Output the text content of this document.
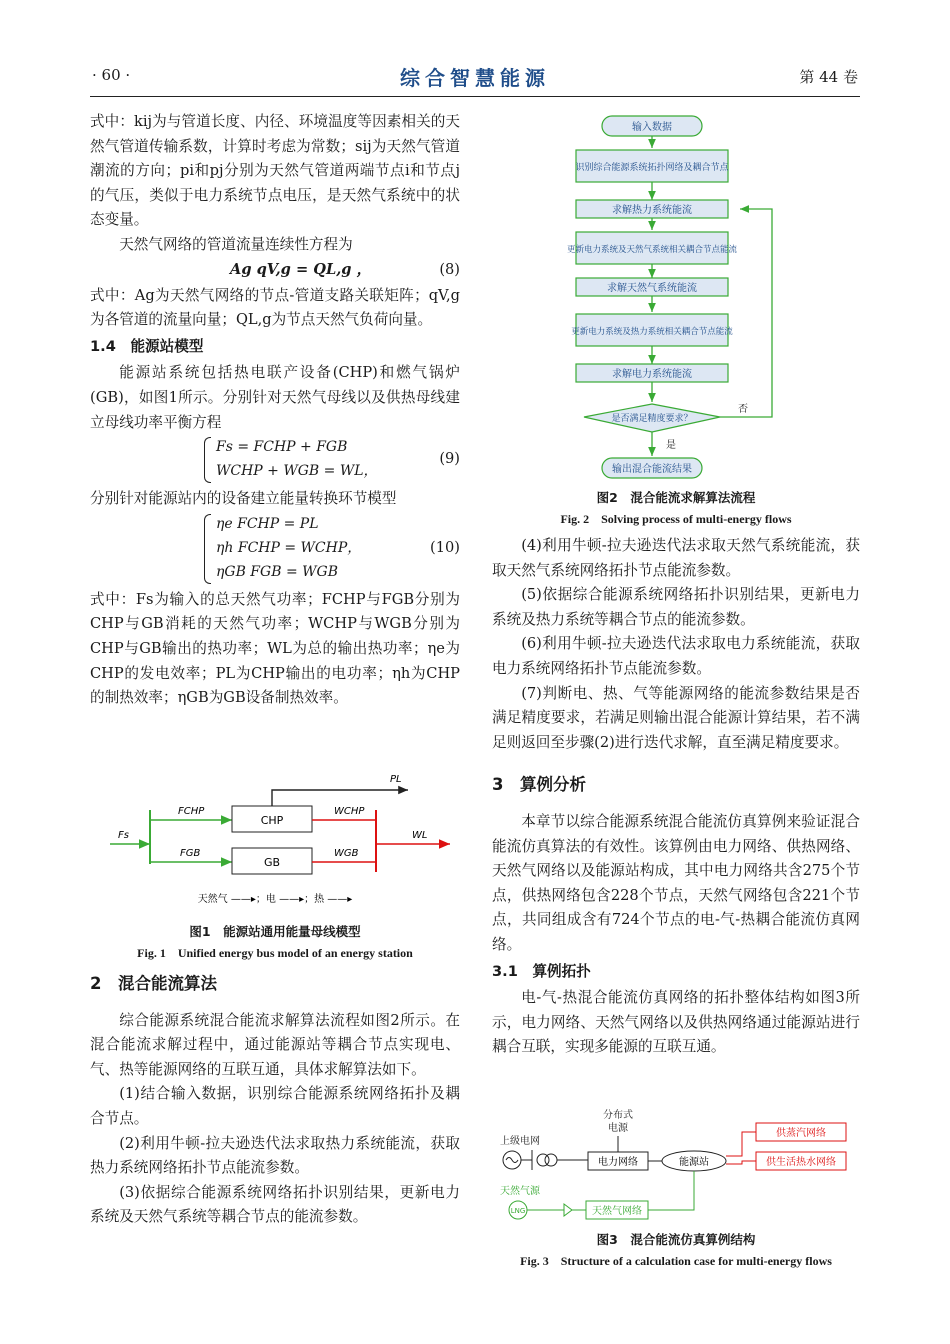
· 60 ·	综合智慧能源	第 44 卷

式中：kij为与管道长度、内径、环境温度等因素相关的天然气管道传输系数，计算时考虑为常数；sij为天然气管道潮流的方向；pi和pj分别为天然气管道两端节点i和节点j的气压，类似于电力系统节点电压，是天然气系统中的状态变量。

天然气网络的管道流量连续性方程为

Ag qV,g = QL,g ，	(8)

式中：Ag为天然气网络的节点-管道支路关联矩阵；qV,g为各管道的流量向量；QL,g为节点天然气负荷向量。

1.4　能源站模型

能源站系统包括热电联产设备(CHP)和燃气锅炉(GB)，如图1所示。分别针对天然气母线以及供热母线建立母线功率平衡方程

Fs = FCHP + FGB
WCHP + WGB = WL，
(9)

分别针对能源站内的设备建立能量转换环节模型

ηe FCHP = PL
ηh FCHP = WCHP，
ηGB FGB = WGB
(10)

式中：Fs为输入的总天然气功率；FCHP与FGB分别为CHP与GB消耗的天然气功率；WCHP与WGB分别为CHP与GB输出的热功率；WL为总的输出热功率；ηe为CHP的发电效率；PL为CHP输出的电功率；ηh为CHP的制热效率；ηGB为GB设备制热效率。

CHP
GB
PL
FCHP	WCHP
Fs	WL
FGB	WGB
天然气 ——▸；电 ——▸；热 ——▸
图1　能源站通用能量母线模型
Fig. 1　Unified energy bus model of an energy station
2　混合能流算法

综合能源系统混合能流求解算法流程如图2所示。在混合能流求解过程中，通过能源站等耦合节点实现电、气、热等能源网络的互联互通，具体求解算法如下。

(1)结合输入数据，识别综合能源系统网络拓扑及耦合节点。

(2)利用牛顿-拉夫逊迭代法求取热力系统能流，获取热力系统网络拓扑节点能流参数。

(3)依据综合能源系统网络拓扑识别结果，更新电力系统及天然气系统等耦合节点的能流参数。

输入数据
识别综合能源系统拓扑网络及耦合节点
求解热力系统能流
更新电力系统及天然气系统相关耦合节点能流
求解天然气系统能流
更新电力系统及热力系统相关耦合节点能流
求解电力系统能流
是否满足精度要求？
输出混合能流结果
否
是
图2　混合能流求解算法流程
Fig. 2　Solving process of multi-energy flows

(4)利用牛顿-拉夫逊迭代法求取天然气系统能流，获取天然气系统网络拓扑节点能流参数。

(5)依据综合能源系统网络拓扑识别结果，更新电力系统及热力系统等耦合节点的能流参数。

(6)利用牛顿-拉夫逊迭代法求取电力系统能流，获取电力系统网络拓扑节点能流参数。

(7)判断电、热、气等能源网络的能流参数结果是否满足精度要求，若满足则输出混合能源计算结果，若不满足则返回至步骤(2)进行迭代求解，直至满足精度要求。

3　算例分析

本章节以综合能源系统混合能流仿真算例来验证混合能流仿真算法的有效性。该算例由电力网络、供热网络、天然气网络以及能源站构成，其中电力网络共含275个节点，供热网络包含228个节点，天然气网络包含221个节点，共同组成含有724个节点的电-气-热耦合能流仿真网络。

3.1　算例拓扑

电-气-热混合能流仿真网络的拓扑整体结构如图3所示，电力网络、天然气网络以及供热网络通过能源站进行耦合互联，实现多能源的互联互通。

分布式
电源
上级电网
电力网络	能源站
供蒸汽网络
供生活热水网络
天然气源
LNG	天然气网络
图3　混合能流仿真算例结构
Fig. 3　Structure of a calculation case for multi-energy flows
